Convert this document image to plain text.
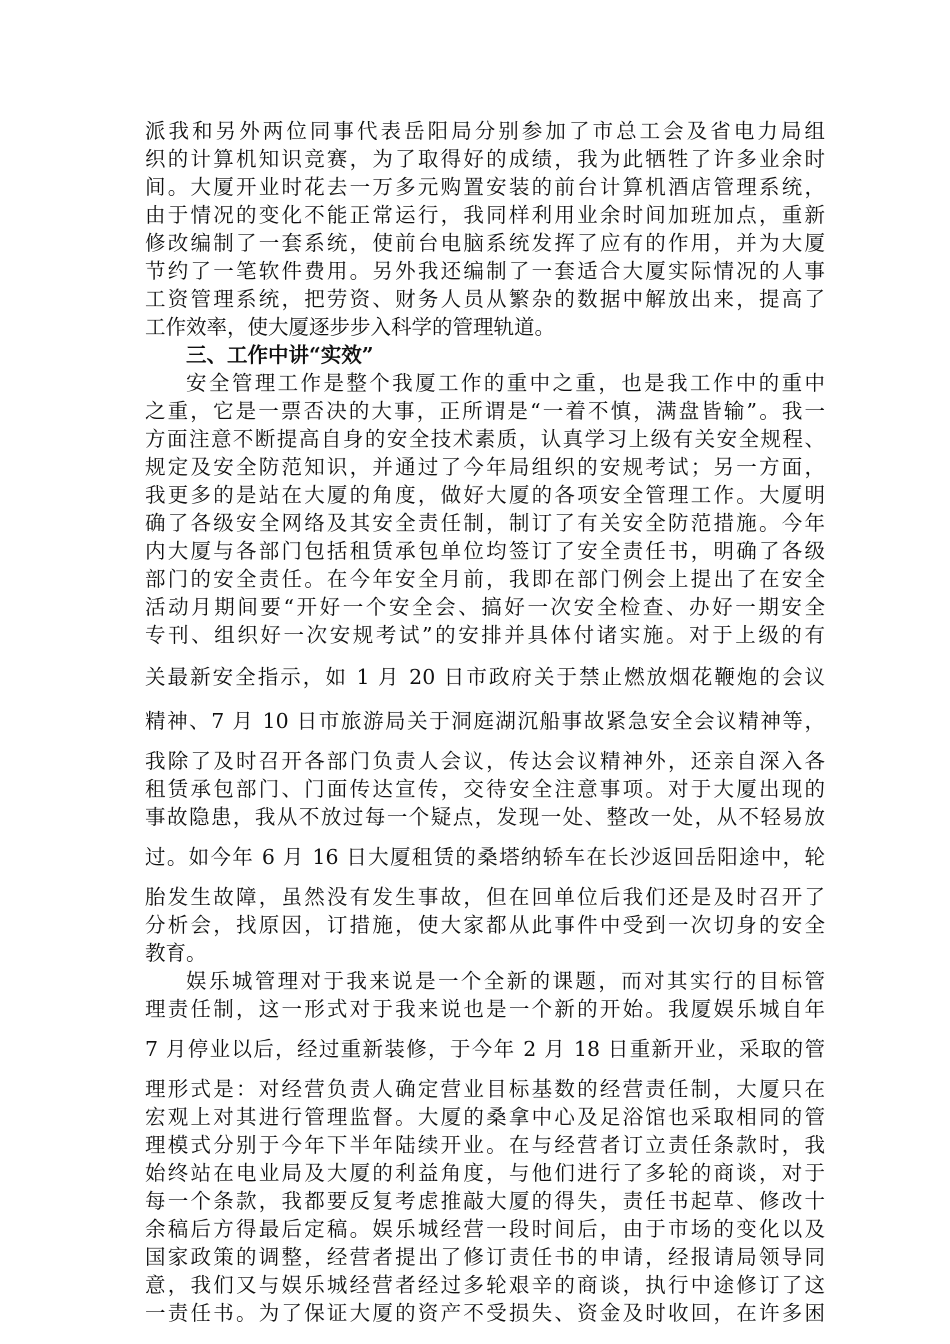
派我和另外两位同事代表岳阳局分别参加了市总工会及省电力局组

织的计算机知识竞赛，为了取得好的成绩，我为此牺牲了许多业余时

间。大厦开业时花去一万多元购置安装的前台计算机酒店管理系统，

由于情况的变化不能正常运行，我同样利用业余时间加班加点，重新

修改编制了一套系统，使前台电脑系统发挥了应有的作用，并为大厦

节约了一笔软件费用。另外我还编制了一套适合大厦实际情况的人事

工资管理系统，把劳资、财务人员从繁杂的数据中解放出来，提高了

工作效率，使大厦逐步步入科学的管理轨道。

三、工作中讲“实效”

安全管理工作是整个我厦工作的重中之重，也是我工作中的重中

之重，它是一票否决的大事，正所谓是“一着不慎，满盘皆输”。我一

方面注意不断提高自身的安全技术素质，认真学习上级有关安全规程、

规定及安全防范知识，并通过了今年局组织的安规考试；另一方面，

我更多的是站在大厦的角度，做好大厦的各项安全管理工作。大厦明

确了各级安全网络及其安全责任制，制订了有关安全防范措施。今年

内大厦与各部门包括租赁承包单位均签订了安全责任书，明确了各级

部门的安全责任。在今年安全月前，我即在部门例会上提出了在安全

活动月期间要“开好一个安全会、搞好一次安全检查、办好一期安全

专刊、组织好一次安规考试”的安排并具体付诸实施。对于上级的有

关最新安全指示，如 1 月 20 日市政府关于禁止燃放烟花鞭炮的会议

精神、7 月 10 日市旅游局关于洞庭湖沉船事故紧急安全会议精神等，

我除了及时召开各部门负责人会议，传达会议精神外，还亲自深入各

租赁承包部门、门面传达宣传，交待安全注意事项。对于大厦出现的

事故隐患，我从不放过每一个疑点，发现一处、整改一处，从不轻易放

过。如今年 6 月 16 日大厦租赁的桑塔纳轿车在长沙返回岳阳途中，轮

胎发生故障，虽然没有发生事故，但在回单位后我们还是及时召开了

分析会，找原因，订措施，使大家都从此事件中受到一次切身的安全

教育。

娱乐城管理对于我来说是一个全新的课题，而对其实行的目标管

理责任制，这一形式对于我来说也是一个新的开始。我厦娱乐城自年

7 月停业以后，经过重新装修，于今年 2 月 18 日重新开业，采取的管

理形式是：对经营负责人确定营业目标基数的经营责任制，大厦只在

宏观上对其进行管理监督。大厦的桑拿中心及足浴馆也采取相同的管

理模式分别于今年下半年陆续开业。在与经营者订立责任条款时，我

始终站在电业局及大厦的利益角度，与他们进行了多轮的商谈，对于

每一个条款，我都要反复考虑推敲大厦的得失，责任书起草、修改十

余稿后方得最后定稿。娱乐城经营一段时间后，由于市场的变化以及

国家政策的调整，经营者提出了修订责任书的申请，经报请局领导同

意，我们又与娱乐城经营者经过多轮艰辛的商谈，执行中途修订了这

一责任书。为了保证大厦的资产不受损失、资金及时收回，在许多困
